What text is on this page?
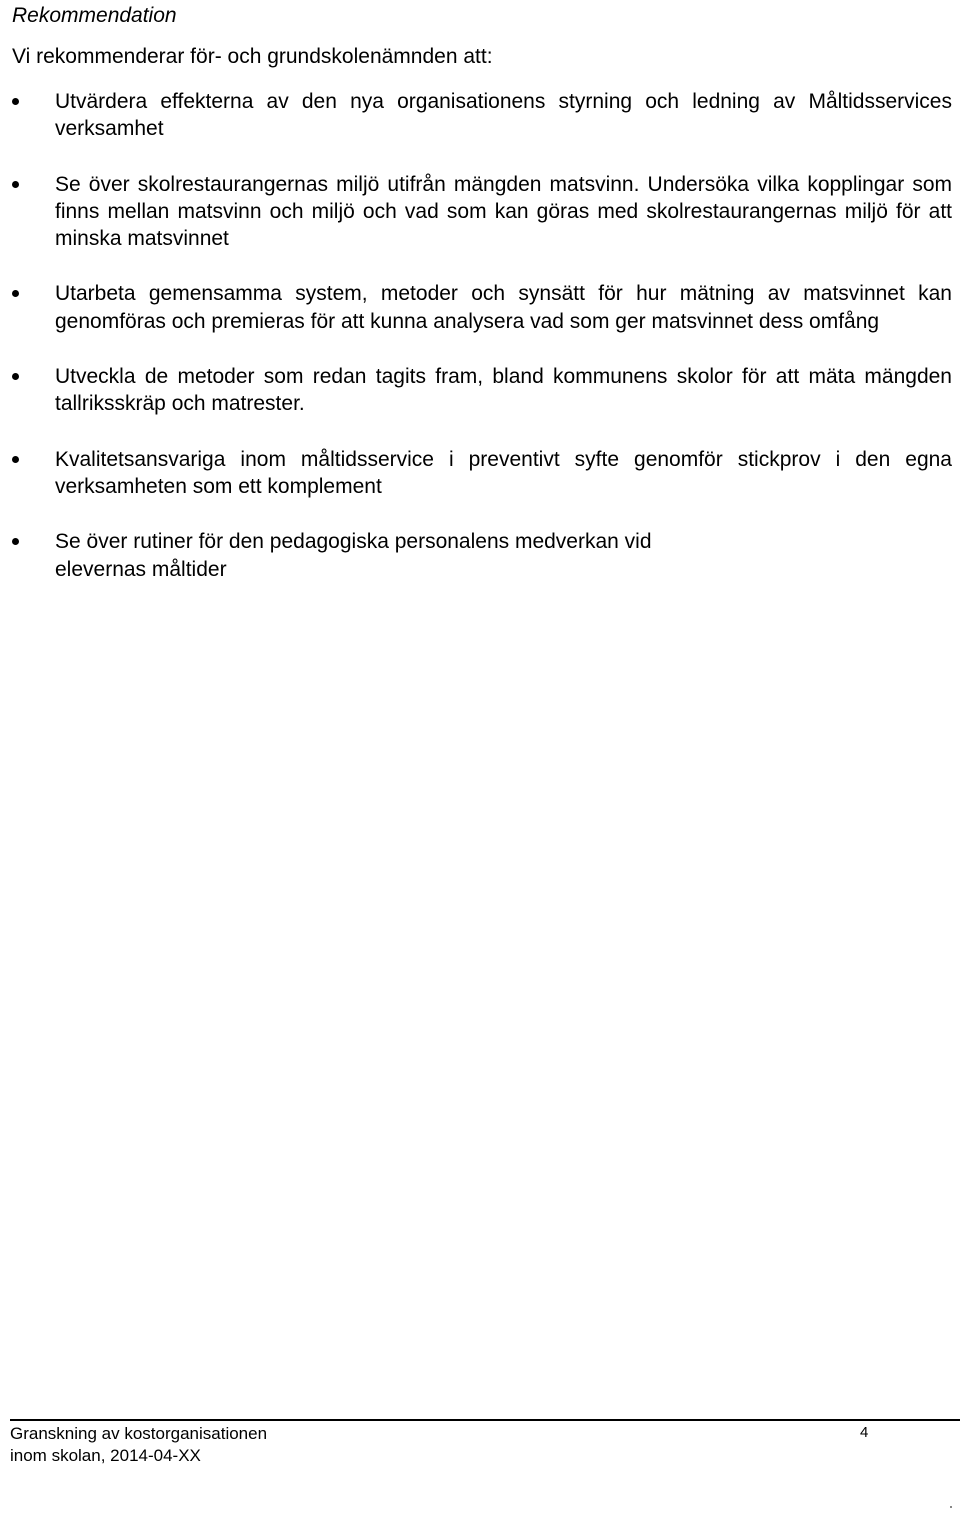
Rekommendation

Vi rekommenderar för- och grundskolenämnden att:

Utvärdera effekterna av den nya organisationens styrning och ledning av Måltidsservices verksamhet
Se över skolrestaurangernas miljö utifrån mängden matsvinn. Undersöka vilka kopplingar som finns mellan matsvinn och miljö och vad som kan göras med skolrestaurangernas miljö för att minska matsvinnet
Utarbeta gemensamma system, metoder och synsätt för hur mätning av matsvinnet kan genomföras och premieras för att kunna analysera vad som ger matsvinnet dess omfång
Utveckla de metoder som redan tagits fram, bland kommunens skolor för att mäta mängden tallriksskräp och matrester.
Kvalitetsansvariga inom måltidsservice i preventivt syfte genomför stickprov i den egna verksamheten som ett komplement
Se över rutiner för den pedagogiska personalens medverkan vid elevernas måltider
Granskning av kostorganisationen
inom skolan, 2014-04-XX
4
